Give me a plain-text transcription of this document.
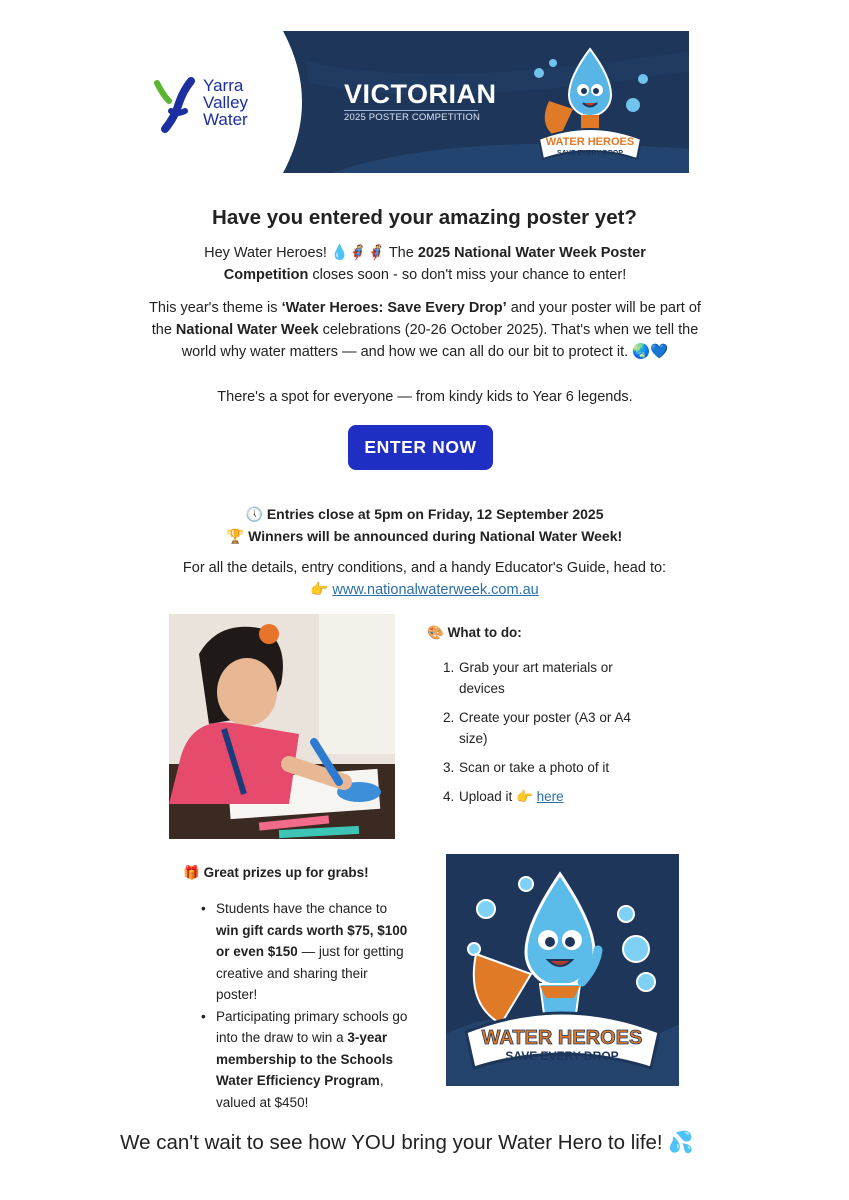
Yarra
Valley
Water
VICTORIAN
2025 POSTER COMPETITION
WATER HEROES
SAVE EVERY DROP
Have you entered your amazing poster yet?
Hey Water Heroes! 💧🦸🦸 The 2025 National Water Week Poster Competition closes soon - so don't miss your chance to enter!
This year's theme is ‘Water Heroes: Save Every Drop’ and your poster will be part of the National Water Week celebrations (20-26 October 2025). That's when we tell the world why water matters — and how we can all do our bit to protect it. 🌏💙
There's a spot for everyone — from kindy kids to Year 6 legends.
ENTER NOW
🕔 Entries close at 5pm on Friday, 12 September 2025
🏆 Winners will be announced during National Water Week!
For all the details, entry conditions, and a handy Educator's Guide, head to:
👉 www.nationalwaterweek.com.au
🎨 What to do:
1. Grab your art materials or devices
2. Create your poster (A3 or A4 size)
3. Scan or take a photo of it
4. Upload it 👉 here
🎁 Great prizes up for grabs!
• Students have the chance to win gift cards worth $75, $100 or even $150 — just for getting creative and sharing their poster!
• Participating primary schools go into the draw to win a 3-year membership to the Schools Water Efficiency Program, valued at $450!
WATER HEROES
SAVE EVERY DROP
We can't wait to see how YOU bring your Water Hero to life! 💦
